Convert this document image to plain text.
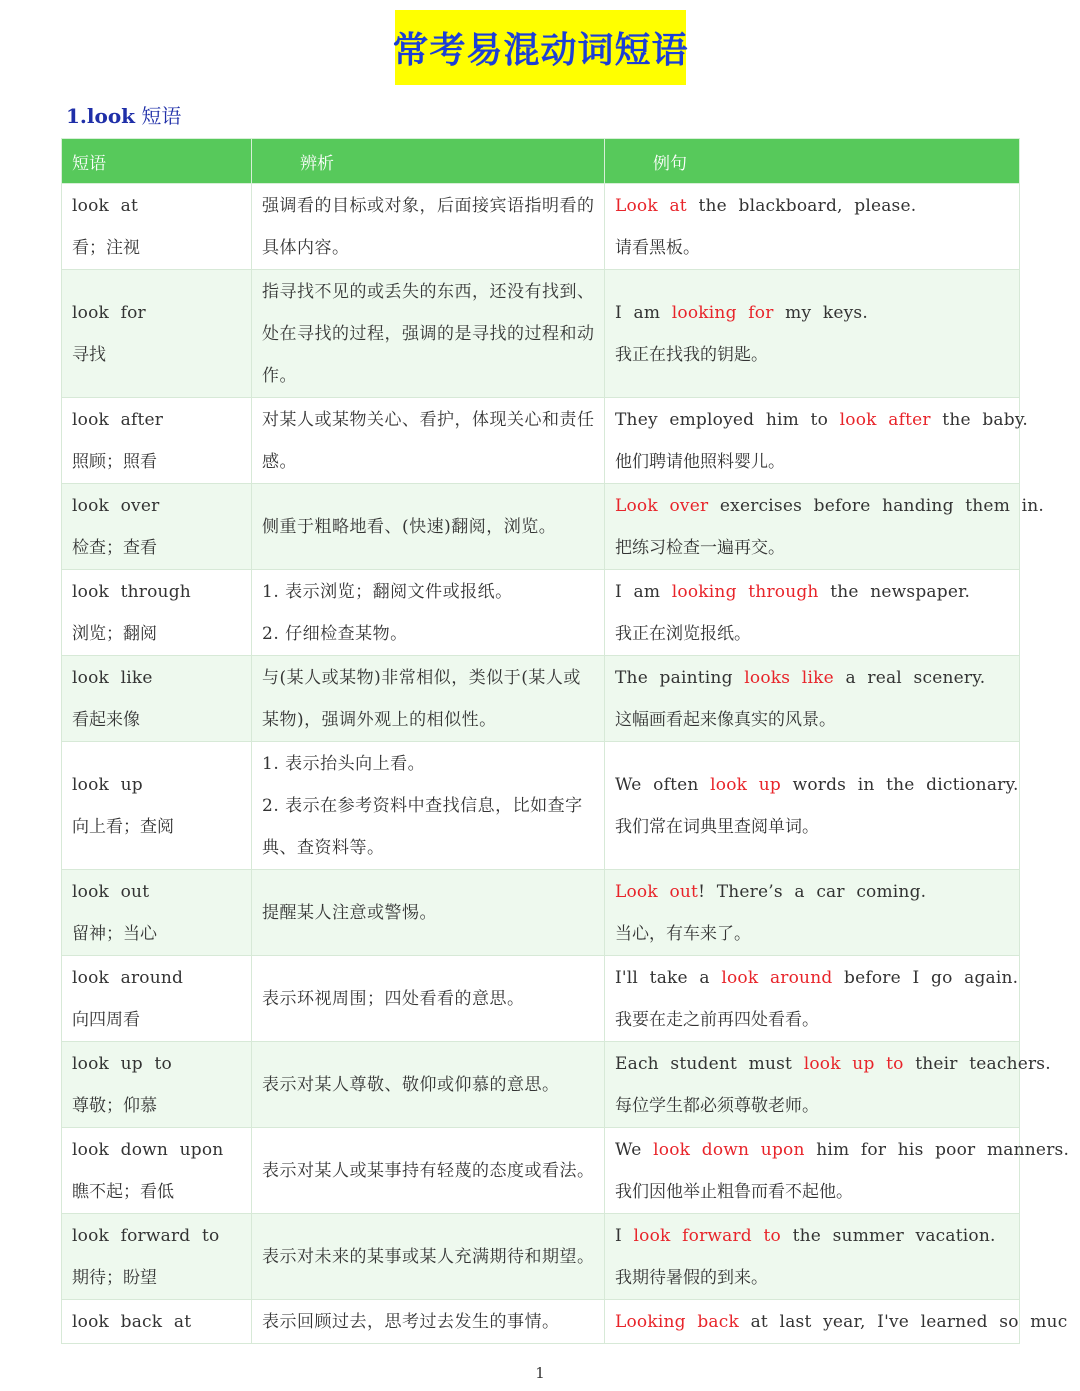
常考易混动词短语
1.look 短语
短语	辨析	例句

look at
看；注视	强调看的目标或对象，后面接宾语指明看的具体内容。	Look at the blackboard, please.
请看黑板。

look for
寻找	指寻找不见的或丢失的东西，还没有找到、处在寻找的过程，强调的是寻找的过程和动作。	I am looking for my keys.
我正在找我的钥匙。

look after
照顾；照看	对某人或某物关心、看护，体现关心和责任感。	They employed him to look after the baby.
他们聘请他照料婴儿。

look over
检查；查看	侧重于粗略地看、(快速)翻阅，浏览。	Look over exercises before handing them in.
把练习检查一遍再交。

look through
浏览；翻阅	1. 表示浏览；翻阅文件或报纸。
2. 仔细检查某物。	I am looking through the newspaper.
我正在浏览报纸。

look like
看起来像	与(某人或某物)非常相似，类似于(某人或某物)，强调外观上的相似性。	The painting looks like a real scenery.
这幅画看起来像真实的风景。

look up
向上看；查阅	1. 表示抬头向上看。
2. 表示在参考资料中查找信息，比如查字典、查资料等。	We often look up words in the dictionary.
我们常在词典里查阅单词。

look out
留神；当心	提醒某人注意或警惕。	Look out! There’s a car coming.
当心，有车来了。

look around
向四周看	表示环视周围；四处看看的意思。	I'll take a look around before I go again.
我要在走之前再四处看看。

look up to
尊敬；仰慕	表示对某人尊敬、敬仰或仰慕的意思。	Each student must look up to their teachers.
每位学生都必须尊敬老师。

look down upon
瞧不起；看低	表示对某人或某事持有轻蔑的态度或看法。	We look down upon him for his poor manners.
我们因他举止粗鲁而看不起他。

look forward to
期待；盼望	表示对未来的某事或某人充满期待和期望。	I look forward to the summer vacation.
我期待暑假的到来。

look back at	表示回顾过去，思考过去发生的事情。	Looking back at last year, I've learned so muc
1
